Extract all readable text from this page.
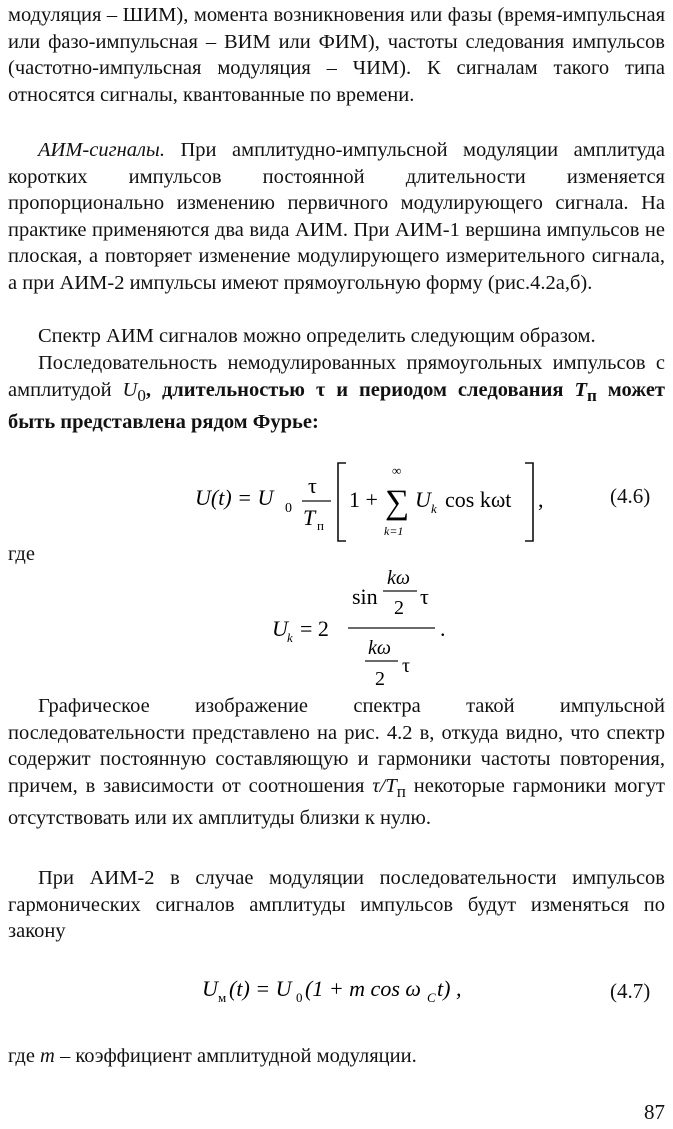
модуляция – ШИМ), момента возникновения или фазы (время-импульсная или фазо-импульсная – ВИМ или ФИМ), частоты следования импульсов (частотно-импульсная модуляция – ЧИМ). К сигналам такого типа относятся сигналы, квантованные по времени.

АИМ-сигналы. При амплитудно-импульсной модуляции амплитуда коротких импульсов постоянной длительности изменяется пропорционально изменению первичного модулирующего сигнала. На практике применяются два вида АИМ. При АИМ-1 вершина импульсов не плоская, а повторяет изменение модулирующего измерительного сигнала, а при АИМ-2 импульсы имеют прямоугольную форму (рис.4.2а,б).

Спектр АИМ сигналов можно определить следующим образом.

Последовательность немодулированных прямоугольных импульсов с амплитудой $U_0$, длительностью τ и периодом следования $T_п$ может быть представлена рядом Фурье:

U(t) = U 0
τ
T п
1 +
∞
∑
k=1
U k cos kωt ,	(4.6)
где
U k = 2
sin
kω
2 τ
kω
2
τ
.

Графическое изображение спектра такой импульсной последовательности представлено на рис. 4.2 в, откуда видно, что спектр содержит постоянную составляющую и гармоники частоты повторения, причем, в зависимости от соотношения $\tau/T_п$ некоторые гармоники могут отсутствовать или их амплитуды близки к нулю.

При АИМ-2 в случае модуляции последовательности импульсов гармонических сигналов амплитуды импульсов будут изменяться по закону

U м (t) = U 0 (1 + m cos ω C t) ,	(4.7)

где m – коэффициент амплитудной модуляции.

87
